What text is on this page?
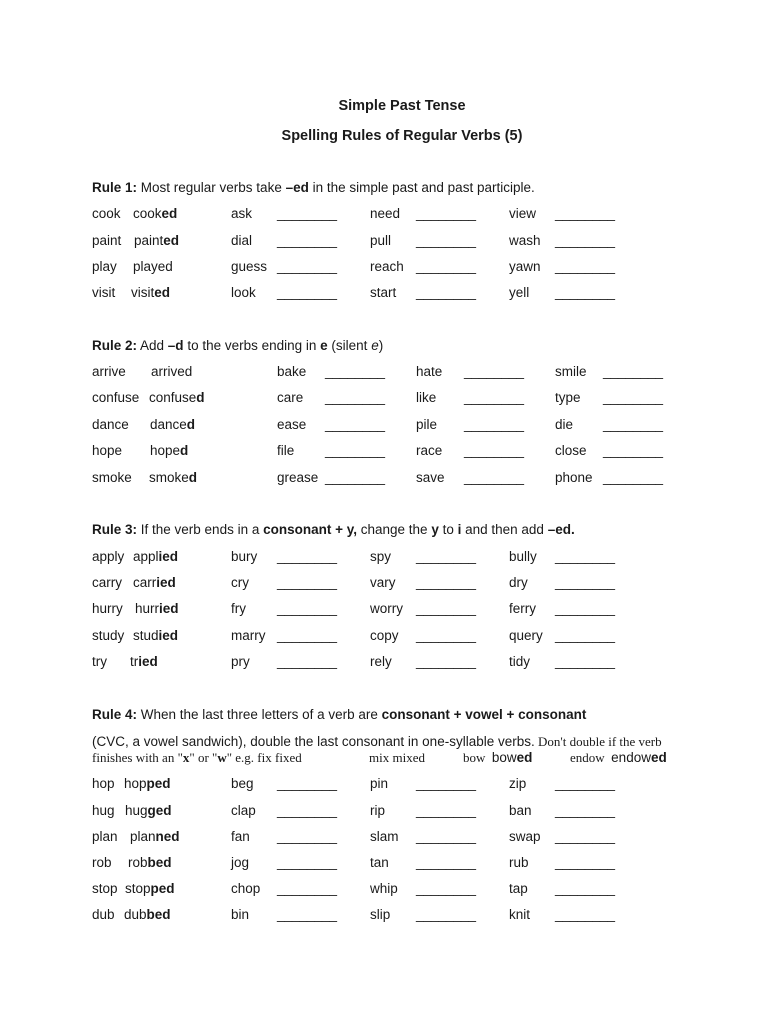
Simple Past Tense
Spelling Rules of Regular Verbs (5)
Rule 1: Most regular verbs take –ed in the simple past and past participle.
cook cooked	ask ________ need ________ view ________
paint painted	dial ________ pull ________ wash ________
play played	guess ________ reach ________ yawn ________
visit visited	look ________ start ________ yell ________
Rule 2: Add –d to the verbs ending in e (silent e)
arrive arrived	bake ________ hate ________ smile ________
confuse confused	care ________ like ________ type ________
dance danced	ease ________ pile ________ die ________
hope hoped	file ________ race ________ close ________
smoke smoked	grease ________ save ________ phone ________
Rule 3: If the verb ends in a consonant + y, change the y to i and then add –ed.
apply applied	bury ________ spy ________ bully ________
carry carried	cry ________ vary ________ dry ________
hurry hurried	fry ________ worry ________ ferry ________
study studied	marry ________ copy ________ query ________
try tried	pry ________ rely ________ tidy ________
Rule 4: When the last three letters of a verb are consonant + vowel + consonant
(CVC, a vowel sandwich), double the last consonant in one-syllable verbs. Don't double if the verb
finishes with an "x" or "w" e.g. fix fixed	mix mixed	bow bowed	endow endowed
hop hopped	beg ________ pin ________ zip ________
hug hugged	clap ________ rip ________ ban ________
plan planned	fan ________ slam ________ swap ________
rob robbed	jog ________ tan ________ rub ________
stop stopped	chop ________ whip ________ tap ________
dub dubbed	bin ________ slip ________ knit ________
